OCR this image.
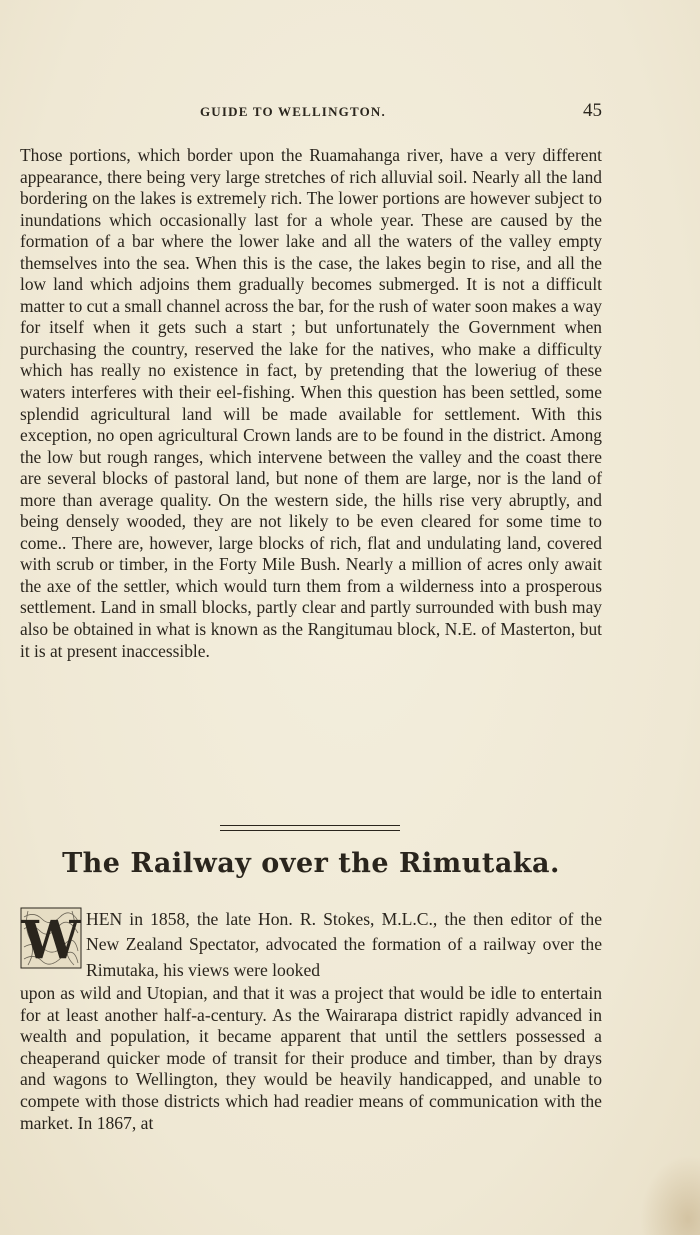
GUIDE TO WELLINGTON.	45

Those portions, which border upon the Ruamahanga river, have a very different appearance, there being very large stretches of rich alluvial soil. Nearly all the land bordering on the lakes is extremely rich. The lower portions are however subject to inundations which occasionally last for a whole year. These are caused by the formation of a bar where the lower lake and all the waters of the valley empty themselves into the sea. When this is the case, the lakes begin to rise, and all the low land which adjoins them gradually becomes submerged. It is not a difficult matter to cut a small channel across the bar, for the rush of water soon makes a way for itself when it gets such a start ; but unfortunately the Government when purchasing the country, reserved the lake for the natives, who make a difficulty which has really no existence in fact, by pretending that the loweriug of these waters interferes with their eel-fishing. When this question has been settled, some splendid agricultural land will be made available for settlement. With this exception, no open agricultural Crown lands are to be found in the district. Among the low but rough ranges, which intervene between the valley and the coast there are several blocks of pastoral land, but none of them are large, nor is the land of more than average quality. On the western side, the hills rise very abruptly, and being densely wooded, they are not likely to be even cleared for some time to come.. There are, however, large blocks of rich, flat and undulating land, covered with scrub or timber, in the Forty Mile Bush. Nearly a million of acres only await the axe of the settler, which would turn them from a wilderness into a prosperous settlement. Land in small blocks, partly clear and partly surrounded with bush may also be obtained in what is known as the Rangitumau block, N.E. of Masterton, but it is at present inaccessible.

The Railway over the Rimutaka.
W HEN in 1858, the late Hon. R. Stokes, M.L.C., the then editor of the New Zealand Spectator, advocated the formation of a railway over the Rimutaka, his views were looked

upon as wild and Utopian, and that it was a project that would be idle to entertain for at least another half-a-century. As the Wairarapa district rapidly advanced in wealth and population, it became apparent that until the settlers possessed a cheaperand quicker mode of transit for their produce and timber, than by drays and wagons to Wellington, they would be heavily handicapped, and unable to compete with those districts which had readier means of communication with the market. In 1867, at
